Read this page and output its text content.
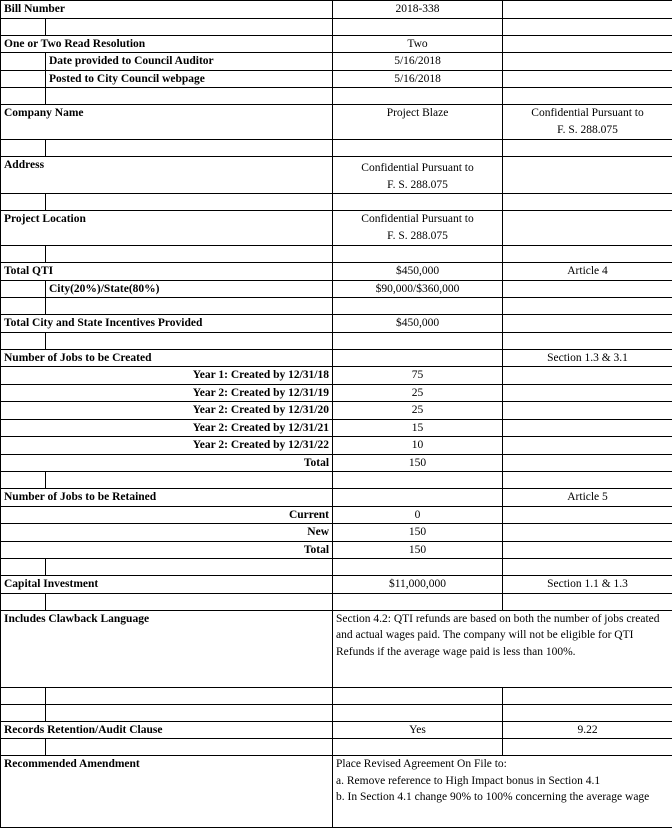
Bill Number		2018-338	

One or Two Read Resolution		Two	
	Date provided to Council Auditor	5/16/2018	
	Posted to City Council webpage	5/16/2018	

Company Name		Project Blaze	Confidential Pursuant to
F. S. 288.075

Address		Confidential Pursuant to
F. S. 288.075	

Project Location		Confidential Pursuant to
F. S. 288.075	

Total QTI		$450,000	Article 4
	City(20%)/State(80%)	$90,000/$360,000	

Total City and State Incentives Provided		$450,000	

Number of Jobs to be Created			Section 1.3 & 3.1
Year 1: Created by 12/31/18		75	
Year 2: Created by 12/31/19		25	
Year 2: Created by 12/31/20		25	
Year 2: Created by 12/31/21		15	
Year 2: Created by 12/31/22		10	
Total		150	

Number of Jobs to be Retained			Article 5
Current		0	
New		150	
Total		150	

Capital Investment		$11,000,000	Section 1.1 & 1.3

Includes Clawback Language		Section 4.2: QTI refunds are based on both the number of jobs created and actual wages paid. The company will not be eligible for QTI Refunds if the average wage paid is less than 100%.	

Records Retention/Audit Clause		Yes	9.22

Recommended Amendment		Place Revised Agreement On File to:
a. Remove reference to High Impact bonus in Section 4.1
b. In Section 4.1 change 90% to 100% concerning the average wage	
